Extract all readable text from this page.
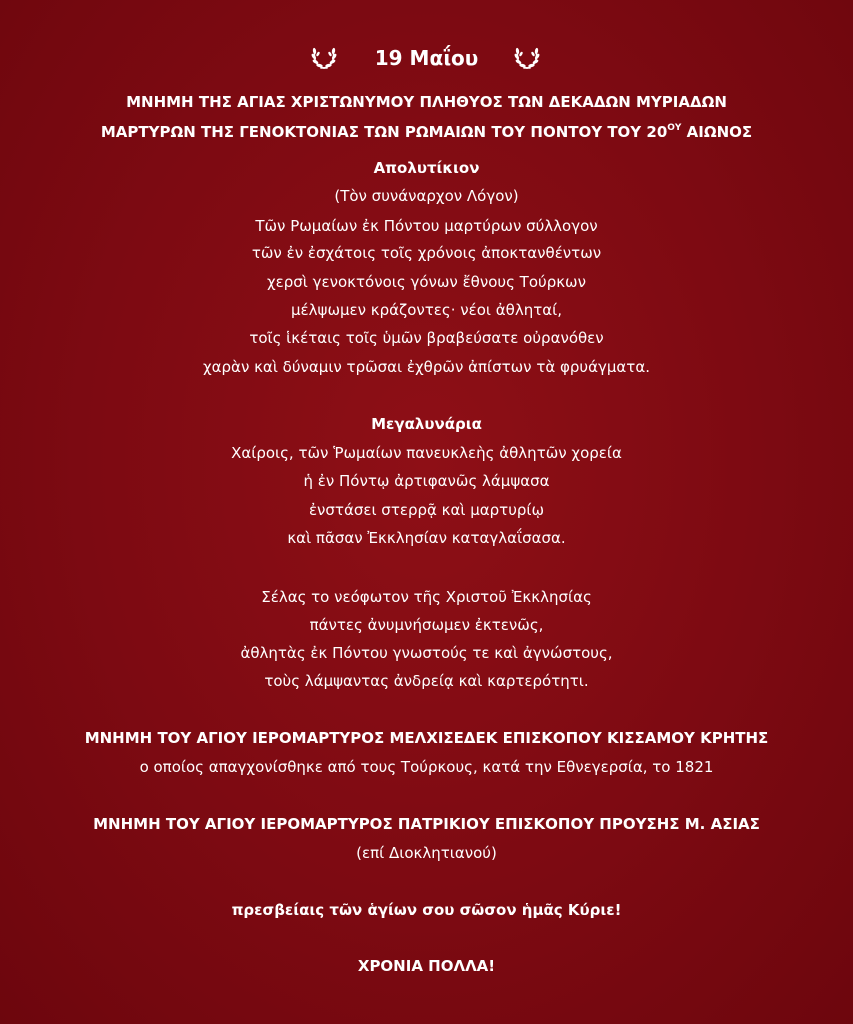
19 Μαΐου
ΜΝΗΜΗ ΤΗΣ ΑΓΙΑΣ ΧΡΙΣΤΩΝΥΜΟΥ ΠΛΗΘΥΟΣ ΤΩΝ ΔΕΚΑΔΩΝ ΜΥΡΙΑΔΩΝ
ΜΑΡΤΥΡΩΝ ΤΗΣ ΓΕΝΟΚΤΟΝΙΑΣ ΤΩΝ ΡΩΜΑΙΩΝ ΤΟΥ ΠΟΝΤΟΥ ΤΟΥ $20^{O\Upsilon}$ ΑΙΩΝΟΣ
Απολυτίκιον
(Τὸν συνάναρχον Λόγον)
Τῶν Ρωμαίων ἐκ Πόντου μαρτύρων σύλλογον
τῶν ἐν ἐσχάτοις τοῖς χρόνοις ἀποκτανθέντων
χερσὶ γενοκτόνοις γόνων ἔθνους Τούρκων
μέλψωμεν κράζοντες· νέοι ἀθληταί,
τοῖς ἱκέταις τοῖς ὑμῶν βραβεύσατε οὐρανόθεν
χαρὰν καὶ δύναμιν τρῶσαι ἐχθρῶν ἀπίστων τὰ φρυάγματα.
Μεγαλυνάρια
Χαίροις, τῶν Ῥωμαίων πανευκλεὴς ἀθλητῶν χορεία
ἡ ἐν Πόντῳ ἀρτιφανῶς λάμψασα
ἐνστάσει στερρᾷ καὶ μαρτυρίῳ
καὶ πᾶσαν Ἐκκλησίαν καταγλαΐσασα.
Σέλας το νεόφωτον τῆς Χριστοῦ Ἐκκλησίας
πάντες ἀνυμνήσωμεν ἐκτενῶς,
ἀθλητὰς ἐκ Πόντου γνωστούς τε καὶ ἀγνώστους,
τοὺς λάμψαντας ἀνδρείᾳ καὶ καρτερότητι.
ΜΝΗΜΗ ΤΟΥ ΑΓΙΟΥ ΙΕΡΟΜΑΡΤΥΡΟΣ ΜΕΛΧΙΣΕΔΕΚ ΕΠΙΣΚΟΠΟΥ ΚΙΣΣΑΜΟΥ ΚΡΗΤΗΣ
ο οποίος απαγχονίσθηκε από τους Τούρκους, κατά την Εθνεγερσία, το 1821
ΜΝΗΜΗ ΤΟΥ ΑΓΙΟΥ ΙΕΡΟΜΑΡΤΥΡΟΣ ΠΑΤΡΙΚΙΟΥ ΕΠΙΣΚΟΠΟΥ ΠΡΟΥΣΗΣ Μ. ΑΣΙΑΣ
(επί Διοκλητιανού)
πρεσβείαις τῶν ἁγίων σου σῶσον ἡμᾶς Κύριε!
ΧΡΟΝΙΑ ΠΟΛΛΑ!
